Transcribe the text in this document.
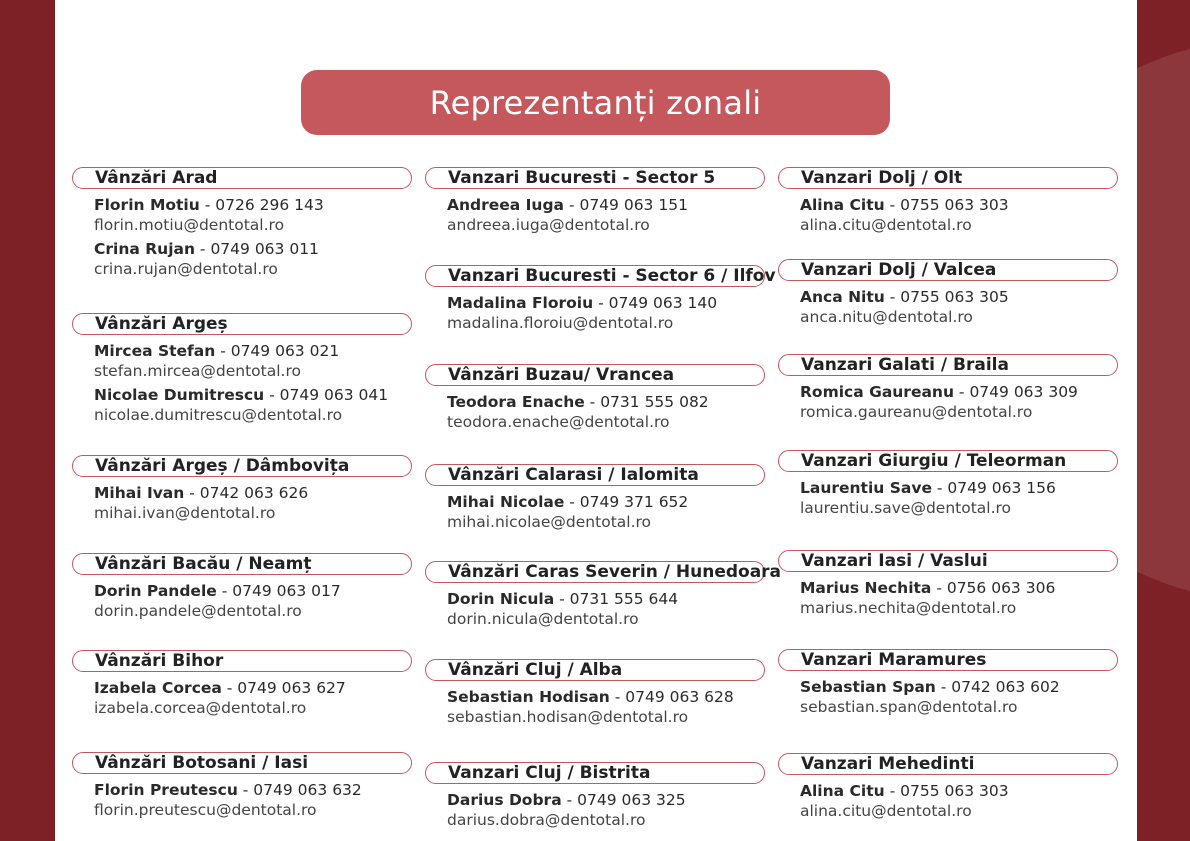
Reprezentanți zonali
Vânzări Arad
Florin Motiu - 0726 296 143
florin.motiu@dentotal.ro
Crina Rujan - 0749 063 011
crina.rujan@dentotal.ro
Vânzări Argeș
Mircea Stefan - 0749 063 021
stefan.mircea@dentotal.ro
Nicolae Dumitrescu - 0749 063 041
nicolae.dumitrescu@dentotal.ro
Vânzări Argeș / Dâmbovița
Mihai Ivan - 0742 063 626
mihai.ivan@dentotal.ro
Vânzări Bacău / Neamț
Dorin Pandele - 0749 063 017
dorin.pandele@dentotal.ro
Vânzări Bihor
Izabela Corcea - 0749 063 627
izabela.corcea@dentotal.ro
Vânzări Botosani / Iasi
Florin Preutescu - 0749 063 632
florin.preutescu@dentotal.ro
Vanzari Bucuresti - Sector 5
Andreea Iuga - 0749 063 151
andreea.iuga@dentotal.ro
Vanzari Bucuresti - Sector 6 / Ilfov
Madalina Floroiu - 0749 063 140
madalina.floroiu@dentotal.ro
Vânzări Buzau/ Vrancea
Teodora Enache - 0731 555 082
teodora.enache@dentotal.ro
Vânzări Calarasi / Ialomita
Mihai Nicolae - 0749 371 652
mihai.nicolae@dentotal.ro
Vânzări Caras Severin / Hunedoara
Dorin Nicula - 0731 555 644
dorin.nicula@dentotal.ro
Vânzări Cluj / Alba
Sebastian Hodisan - 0749 063 628
sebastian.hodisan@dentotal.ro
Vanzari Cluj / Bistrita
Darius Dobra - 0749 063 325
darius.dobra@dentotal.ro
Vanzari Dolj / Olt
Alina Citu - 0755 063 303
alina.citu@dentotal.ro
Vanzari Dolj / Valcea
Anca Nitu - 0755 063 305
anca.nitu@dentotal.ro
Vanzari Galati / Braila
Romica Gaureanu - 0749 063 309
romica.gaureanu@dentotal.ro
Vanzari Giurgiu / Teleorman
Laurentiu Save - 0749 063 156
laurentiu.save@dentotal.ro
Vanzari Iasi / Vaslui
Marius Nechita - 0756 063 306
marius.nechita@dentotal.ro
Vanzari Maramures
Sebastian Span - 0742 063 602
sebastian.span@dentotal.ro
Vanzari Mehedinti
Alina Citu - 0755 063 303
alina.citu@dentotal.ro
